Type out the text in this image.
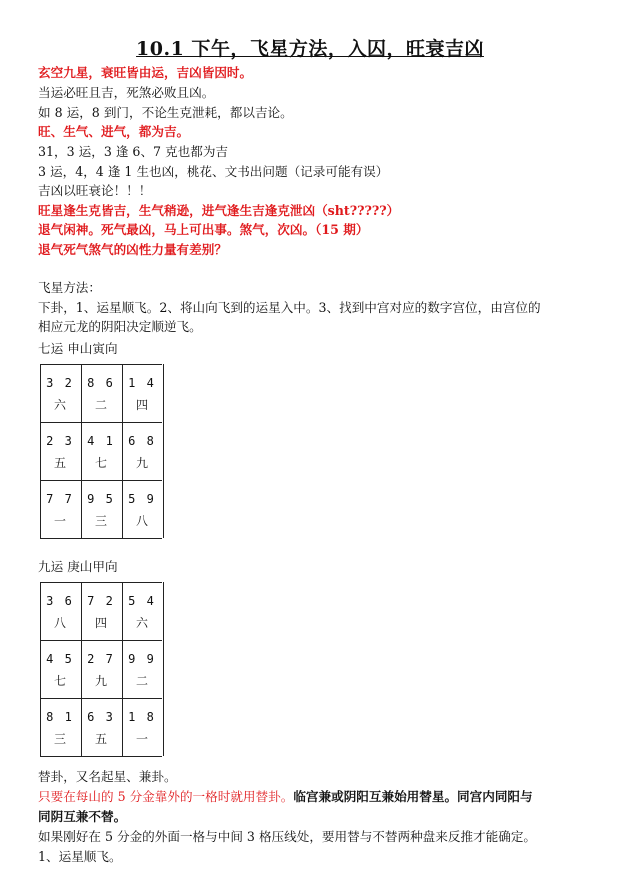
10.1 下午，飞星方法，入囚，旺衰吉凶
玄空九星，衰旺皆由运，吉凶皆因时。
当运必旺且吉，死煞必败且凶。
如 8 运，8 到门，不论生克泄耗，都以吉论。
旺、生气、进气，都为吉。
31，3 运，3 逢 6、7 克也都为吉
3 运，4，4 逢 1 生也凶，桃花、文书出问题（记录可能有误）
吉凶以旺衰论！！！
旺星逢生克皆吉，生气稍逊，进气逢生吉逢克泄凶（sht?????）
退气闲神。死气最凶，马上可出事。煞气，次凶。（15 期）
退气死气煞气的凶性力量有差别？
飞星方法：
下卦，1、运星顺飞。2、将山向飞到的运星入中。3、找到中宫对应的数字宫位，由宫位的
相应元龙的阴阳决定顺逆飞。
七运 申山寅向
3 2
六
8 6
二
1 4
四
2 3
五
4 1
七
6 8
九
7 7
一
9 5
三
5 9
八
九运 庚山甲向
3 6
八
7 2
四
5 4
六
4 5
七
2 7
九
9 9
二
8 1
三
6 3
五
1 8
一
替卦，又名起星、兼卦。
只要在每山的 5 分金靠外的一格时就用替卦。临宫兼或阴阳互兼始用替星。同宫内同阳与
同阴互兼不替。
如果刚好在 5 分金的外面一格与中间 3 格压线处，要用替与不替两种盘来反推才能确定。
1、运星顺飞。
